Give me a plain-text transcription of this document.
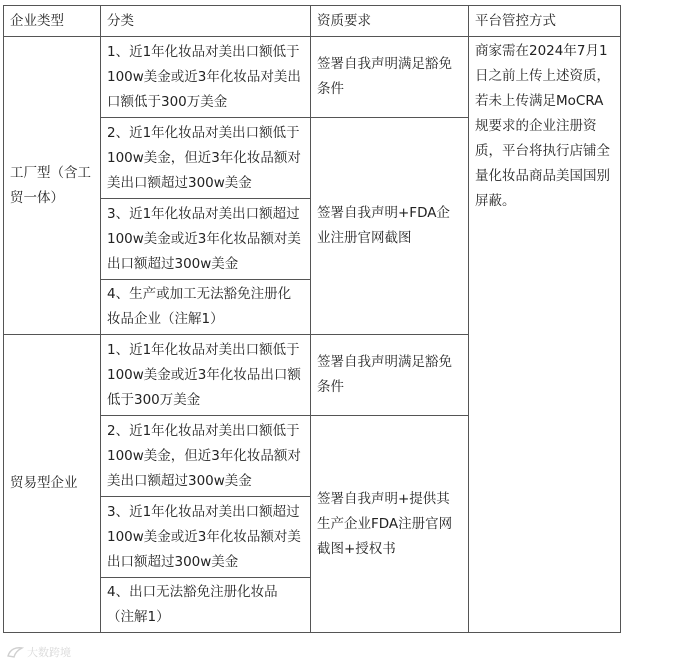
企业类型	分类	资质要求	平台管控方式
工厂型（含工贸一体）	1、近1年化妆品对美出口额低于100w美金或近3年化妆品对美出口额低于300万美金	签署自我声明满足豁免条件	商家需在2024年7月1日之前上传上述资质，若未上传满足MoCRA规要求的企业注册资质，平台将执行店铺全量化妆品商品美国国别屏蔽。
	2、近1年化妆品对美出口额低于100w美金，但近3年化妆品额对美出口额超过300w美金	签署自我声明+FDA企业注册官网截图	
	3、近1年化妆品对美出口额超过100w美金或近3年化妆品额对美出口额超过300w美金		
	4、生产或加工无法豁免注册化妆品企业（注解1）		
贸易型企业	1、近1年化妆品对美出口额低于100w美金或近3年化妆品出口额低于300万美金	签署自我声明满足豁免条件	
	2、近1年化妆品对美出口额低于100w美金，但近3年化妆品额对美出口额超过300w美金	签署自我声明+提供其生产企业FDA注册官网截图+授权书	
	3、近1年化妆品对美出口额超过100w美金或近3年化妆品额对美出口额超过300w美金		
	4、出口无法豁免注册化妆品（注解1）		
大数跨境
